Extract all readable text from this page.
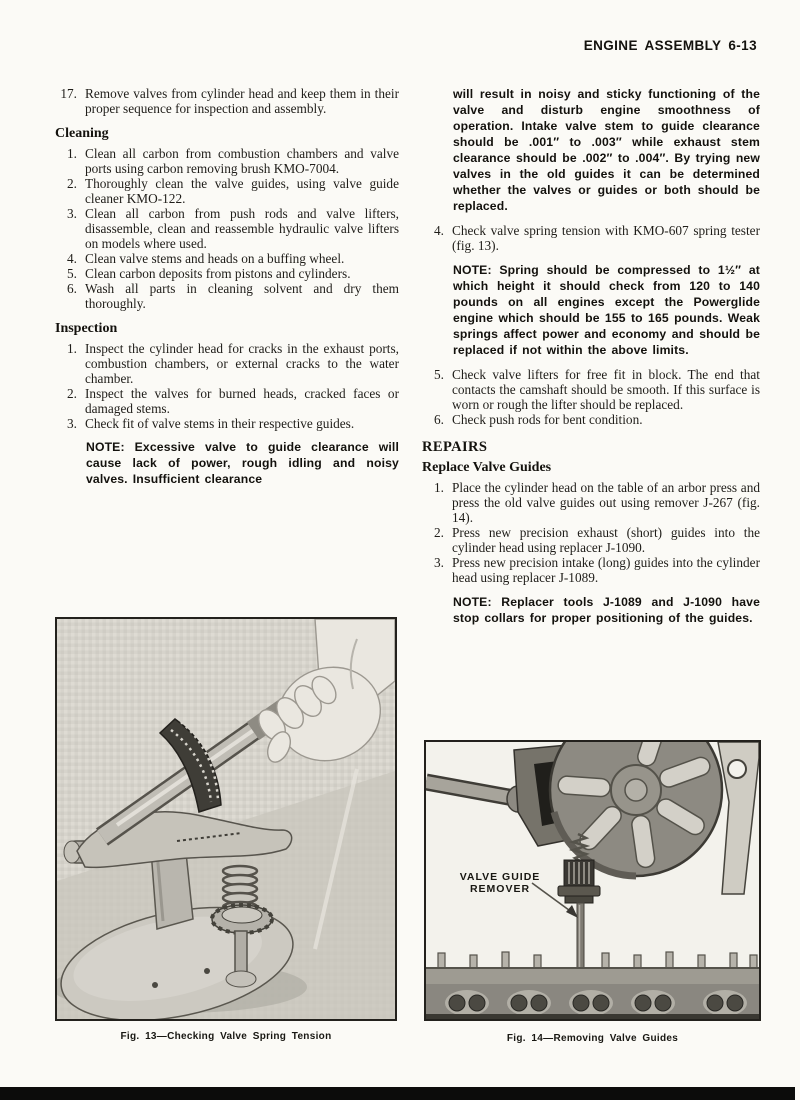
ENGINE ASSEMBLY 6-13
17. Remove valves from cylinder head and keep them in their proper sequence for inspection and assembly.
Cleaning
1. Clean all carbon from combustion chambers and valve ports using carbon removing brush KMO-7004.
2. Thoroughly clean the valve guides, using valve guide cleaner KMO-122.
3. Clean all carbon from push rods and valve lifters, disassemble, clean and reassemble hydraulic valve lifters on models where used.
4. Clean valve stems and heads on a buffing wheel.
5. Clean carbon deposits from pistons and cylinders.
6. Wash all parts in cleaning solvent and dry them thoroughly.
Inspection
1. Inspect the cylinder head for cracks in the exhaust ports, combustion chambers, or external cracks to the water chamber.
2. Inspect the valves for burned heads, cracked faces or damaged stems.
3. Check fit of valve stems in their respective guides.
NOTE: Excessive valve to guide clearance will cause lack of power, rough idling and noisy valves. Insufficient clearance
will result in noisy and sticky functioning of the valve and disturb engine smoothness of operation. Intake valve stem to guide clearance should be .001″ to .003″ while exhaust stem clearance should be .002″ to .004″. By trying new valves in the old guides it can be determined whether the valves or guides or both should be replaced.
4. Check valve spring tension with KMO-607 spring tester (fig. 13).
NOTE: Spring should be compressed to 1½″ at which height it should check from 120 to 140 pounds on all engines except the Powerglide engine which should be 155 to 165 pounds. Weak springs affect power and economy and should be replaced if not within the above limits.
5. Check valve lifters for free fit in block. The end that contacts the camshaft should be smooth. If this surface is worn or rough the lifter should be replaced.
6. Check push rods for bent condition.
REPAIRS
Replace Valve Guides
1. Place the cylinder head on the table of an arbor press and press the old valve guides out using remover J-267 (fig. 14).
2. Press new precision exhaust (short) guides into the cylinder head using replacer J-1090.
3. Press new precision intake (long) guides into the cylinder head using replacer J-1089.
NOTE: Replacer tools J-1089 and J-1090 have stop collars for proper positioning of the guides.
Fig. 13—Checking Valve Spring Tension
VALVE GUIDE
REMOVER
Fig. 14—Removing Valve Guides
